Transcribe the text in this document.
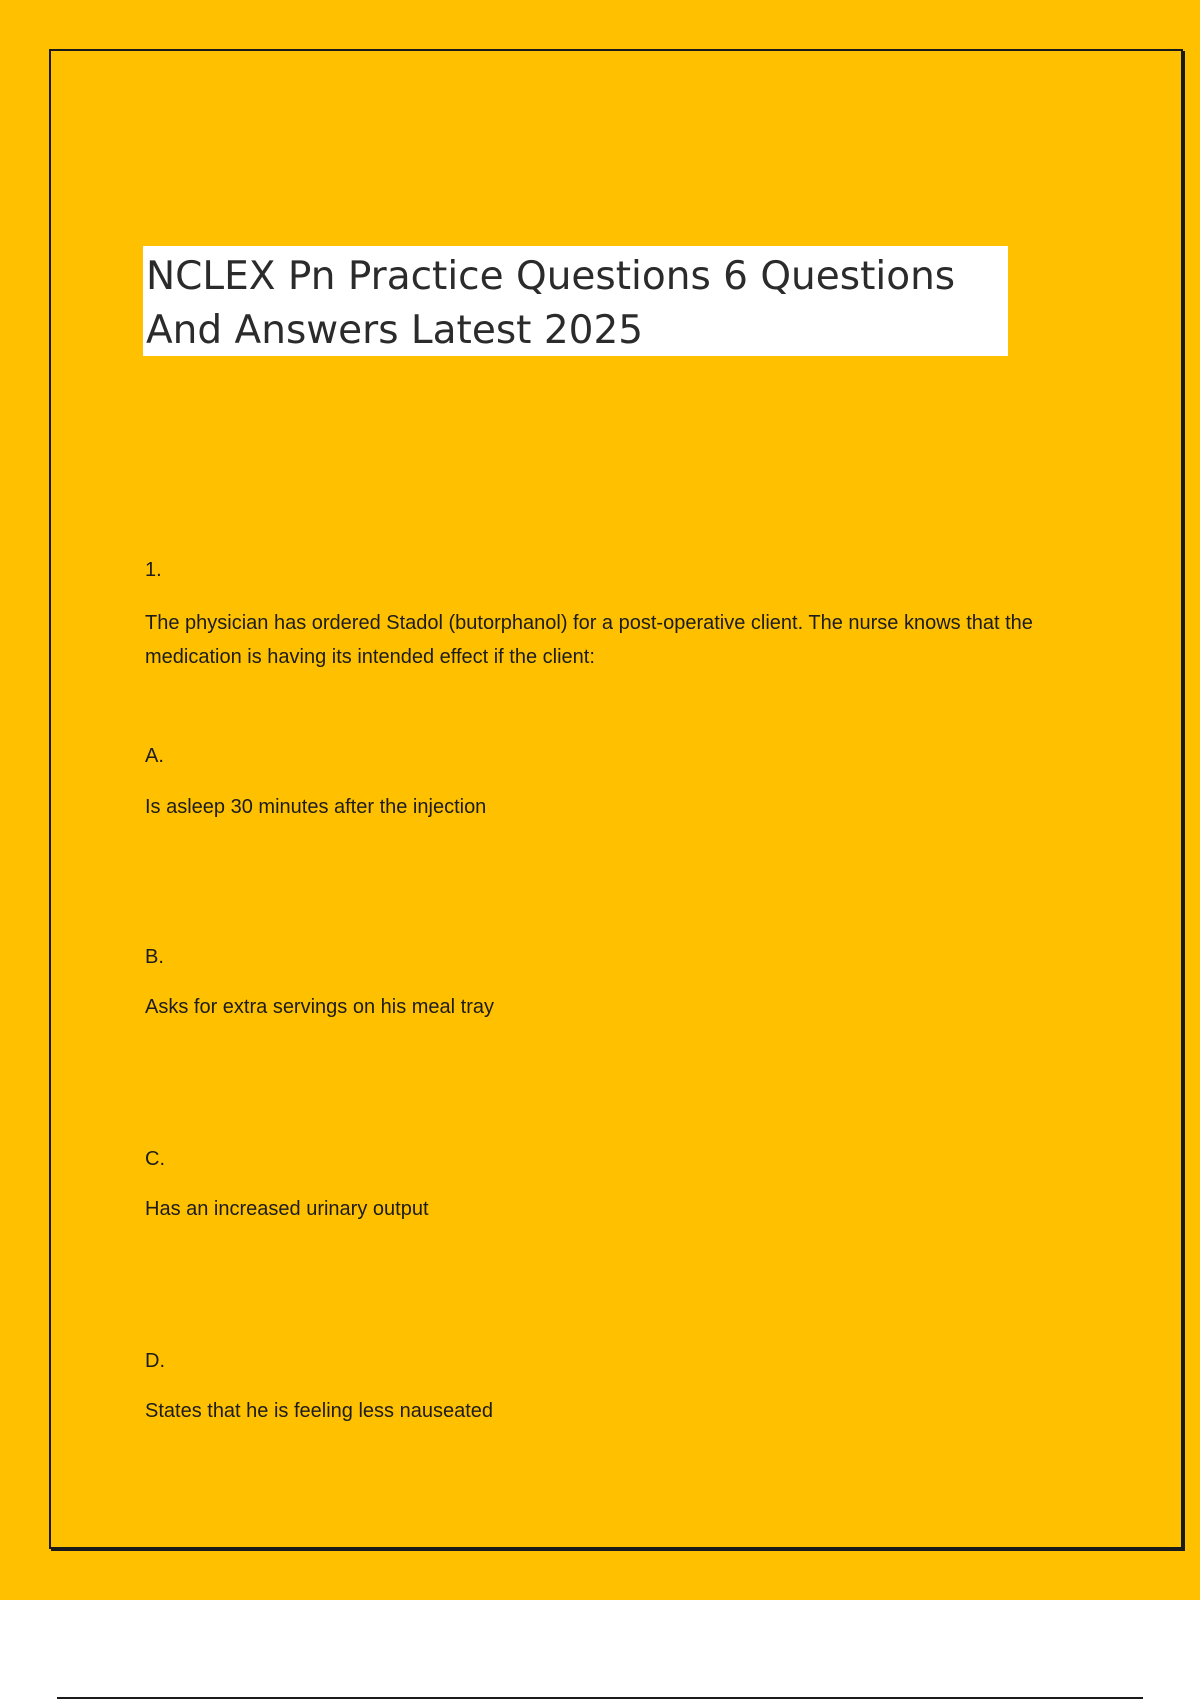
NCLEX Pn Practice Questions 6 Questions And Answers Latest 2025

1.

The physician has ordered Stadol (butorphanol) for a post-operative client. The nurse knows that the medication is having its intended effect if the client:

A.

Is asleep 30 minutes after the injection

B.

Asks for extra servings on his meal tray

C.

Has an increased urinary output

D.

States that he is feeling less nauseated
